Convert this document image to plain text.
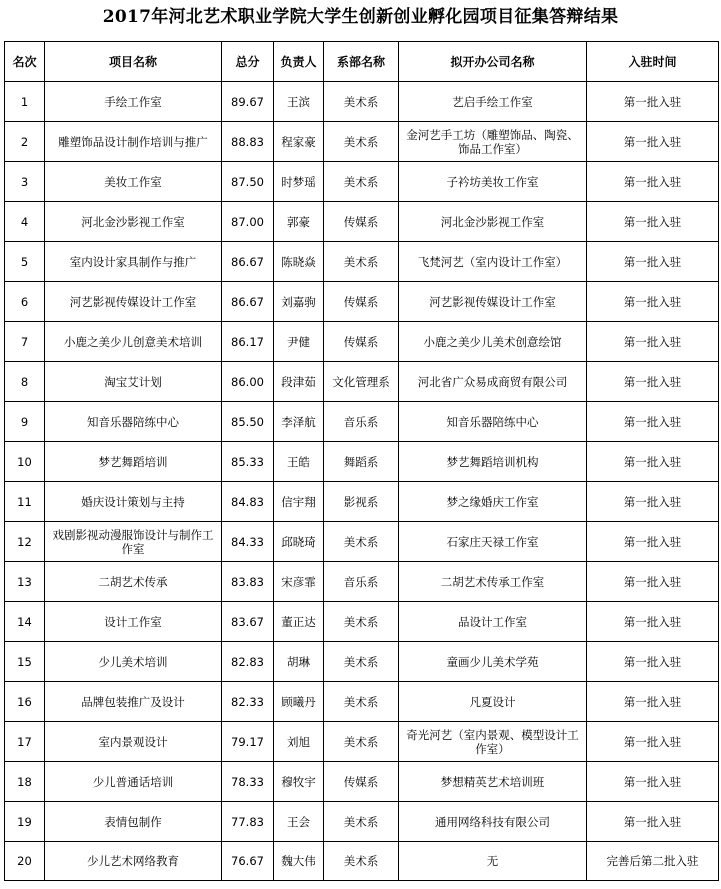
2017年河北艺术职业学院大学生创新创业孵化园项目征集答辩结果
名次	项目名称	总分	负责人	系部名称	拟开办公司名称	入驻时间
1	手绘工作室	89.67	王滨	美术系	艺启手绘工作室	第一批入驻
2	雕塑饰品设计制作培训与推广	88.83	程家豪	美术系	金河艺手工坊（雕塑饰品、陶瓷、饰品工作室）	第一批入驻
3	美妆工作室	87.50	时梦瑶	美术系	子衿坊美妆工作室	第一批入驻
4	河北金沙影视工作室	87.00	郭豪	传媒系	河北金沙影视工作室	第一批入驻
5	室内设计家具制作与推广	86.67	陈晓焱	美术系	飞梵河艺（室内设计工作室）	第一批入驻
6	河艺影视传媒设计工作室	86.67	刘嘉驹	传媒系	河艺影视传媒设计工作室	第一批入驻
7	小鹿之美少儿创意美术培训	86.17	尹健	传媒系	小鹿之美少儿美术创意绘馆	第一批入驻
8	淘宝艾计划	86.00	段津茹	文化管理系	河北省广众易成商贸有限公司	第一批入驻
9	知音乐器陪练中心	85.50	李泽航	音乐系	知音乐器陪练中心	第一批入驻
10	梦艺舞蹈培训	85.33	王皓	舞蹈系	梦艺舞蹈培训机构	第一批入驻
11	婚庆设计策划与主持	84.83	信宇翔	影视系	梦之缘婚庆工作室	第一批入驻
12	戏剧影视动漫服饰设计与制作工作室	84.33	邱晓琦	美术系	石家庄天禄工作室	第一批入驻
13	二胡艺术传承	83.83	宋彦霏	音乐系	二胡艺术传承工作室	第一批入驻
14	设计工作室	83.67	董正达	美术系	品设计工作室	第一批入驻
15	少儿美术培训	82.83	胡琳	美术系	童画少儿美术学苑	第一批入驻
16	品牌包装推广及设计	82.33	顾曦丹	美术系	凡夏设计	第一批入驻
17	室内景观设计	79.17	刘旭	美术系	奇光河艺（室内景观、模型设计工作室）	第一批入驻
18	少儿普通话培训	78.33	穆牧宇	传媒系	梦想精英艺术培训班	第一批入驻
19	表情包制作	77.83	王会	美术系	通用网络科技有限公司	第一批入驻
20	少儿艺术网络教育	76.67	魏大伟	美术系	无	完善后第二批入驻
